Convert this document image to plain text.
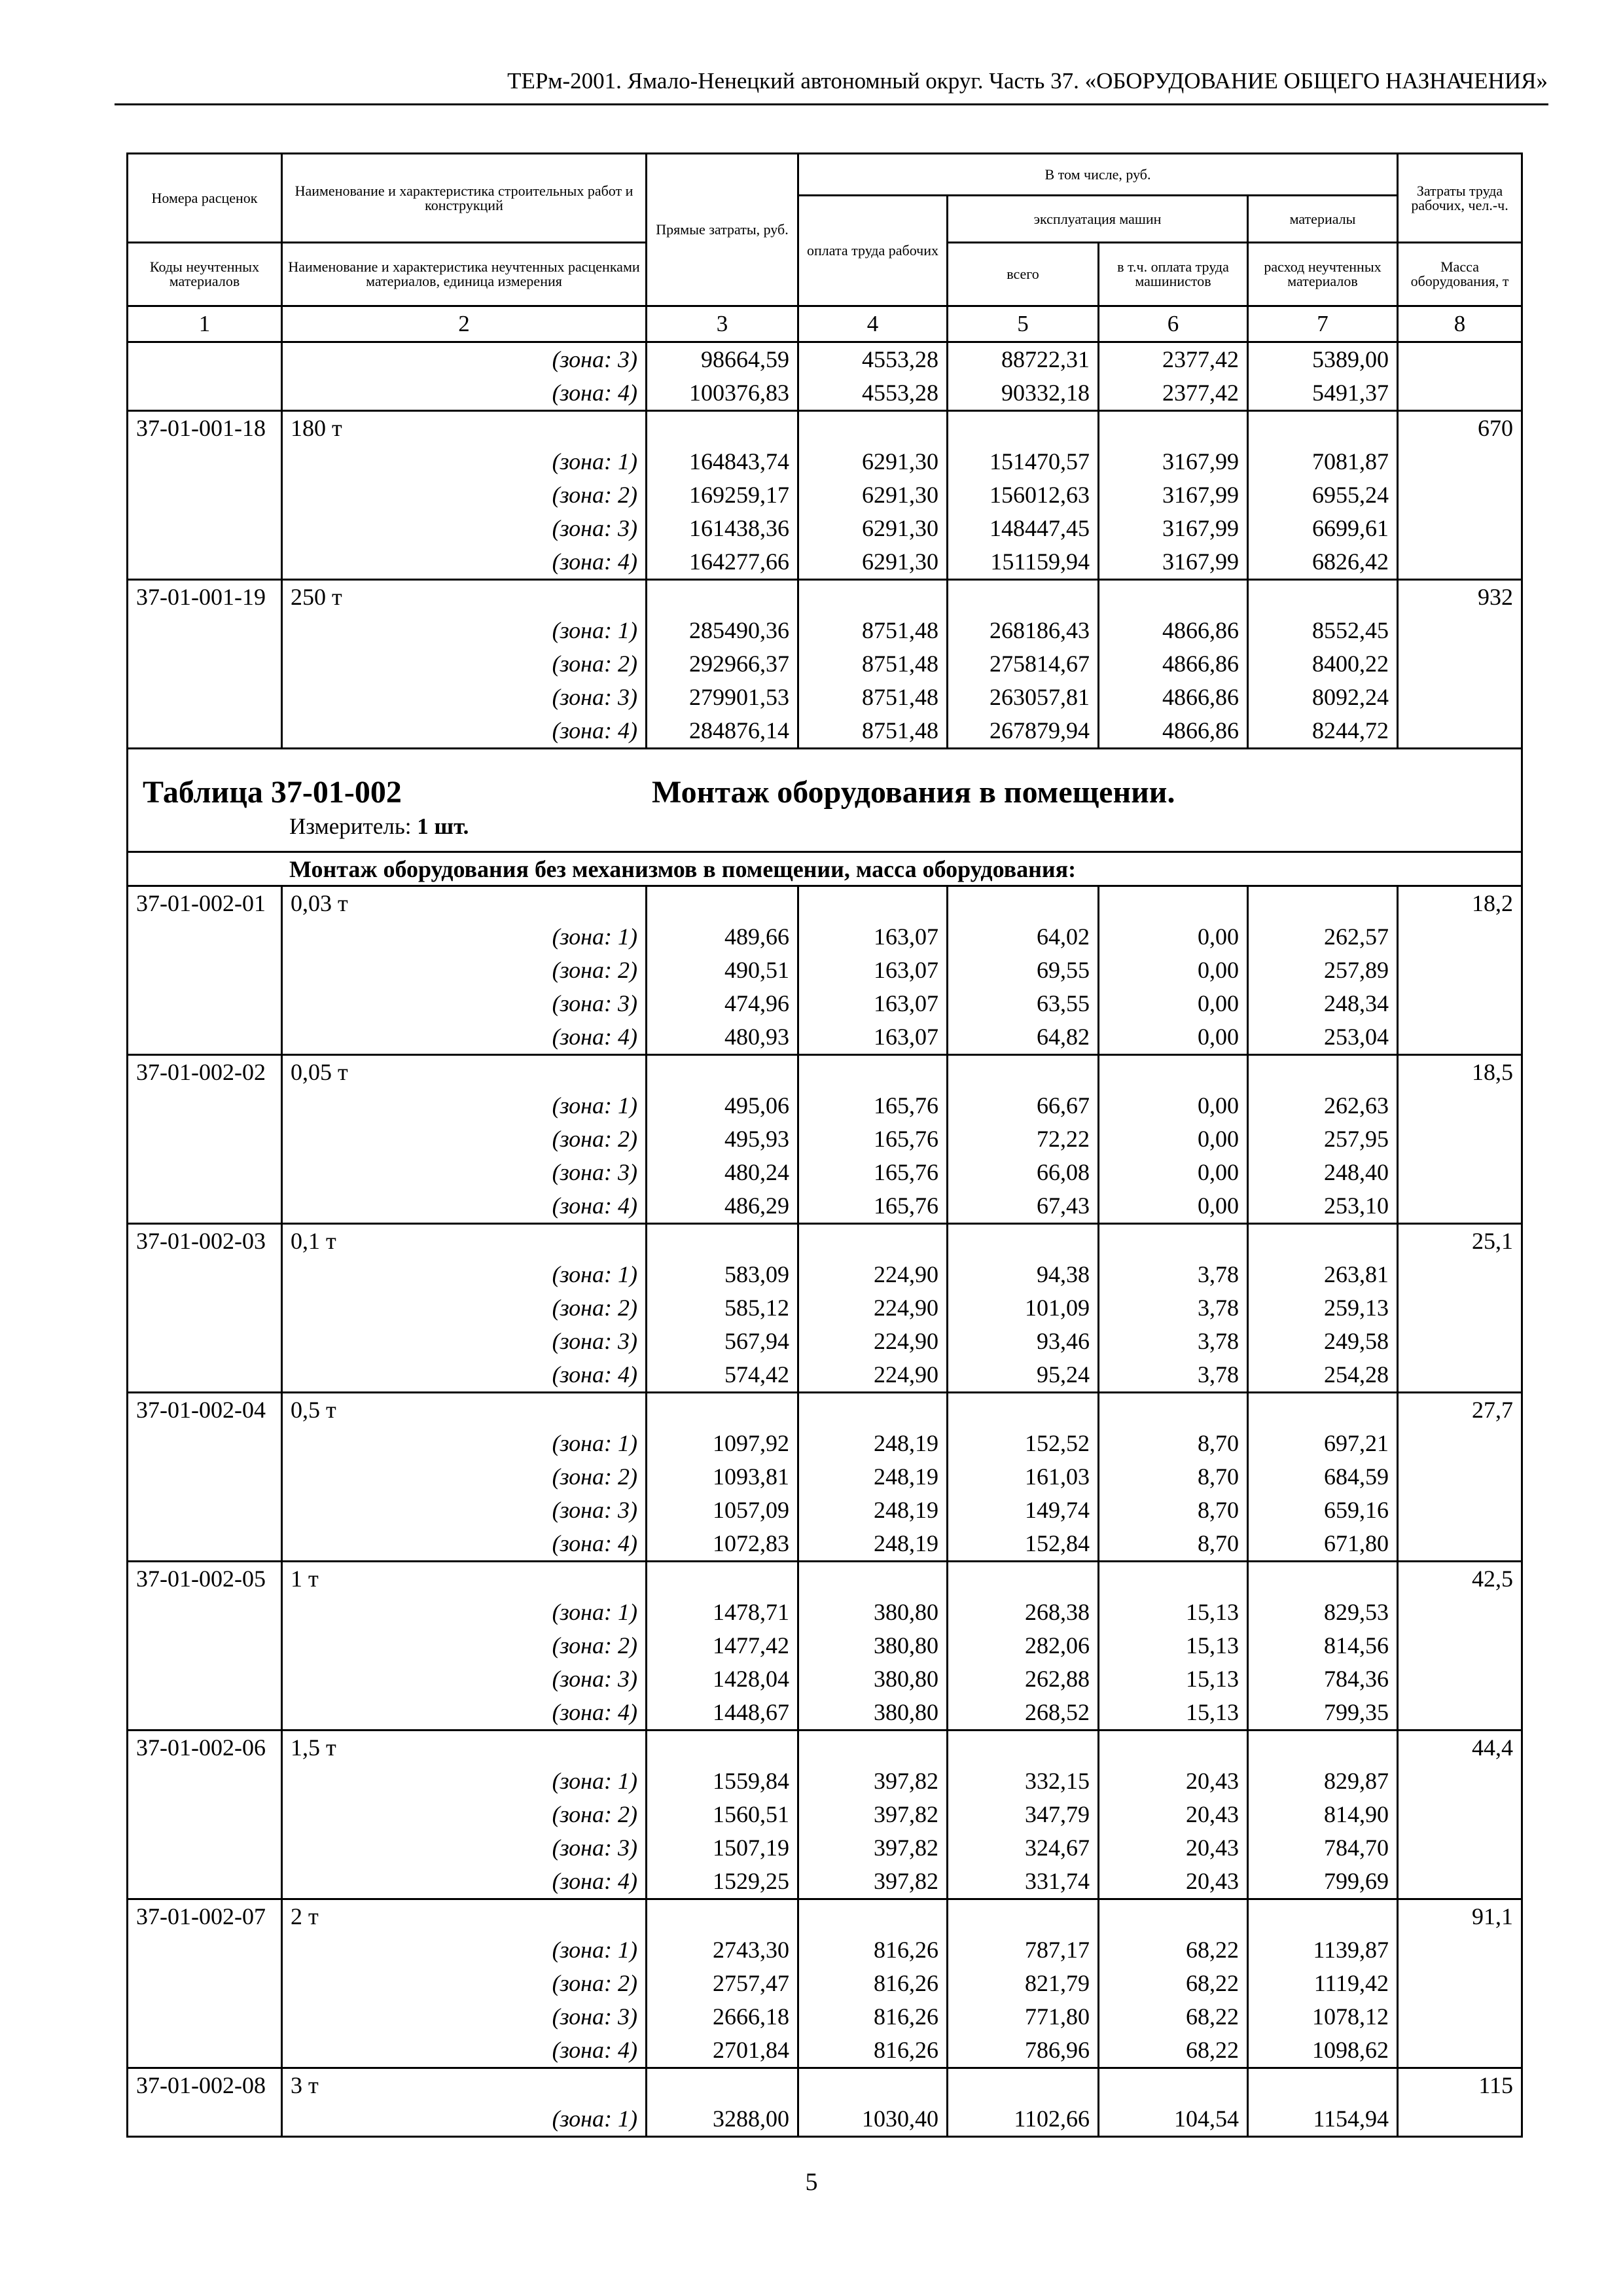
ТЕРм-2001. Ямало-Ненецкий автономный округ. Часть 37. «ОБОРУДОВАНИЕ ОБЩЕГО НАЗНАЧЕНИЯ»
Номера расценок	Наименование и характеристика строительных работ и конструкций	Прямые затраты, руб.	В том числе, руб.				Затраты труда рабочих, чел.-ч.
			оплата труда рабочих	эксплуатация машин		материалы	
Коды неучтенных материалов	Наименование и характеристика неучтенных расценками материалов, единица измерения			всего	в т.ч. оплата труда машинистов	расход неучтенных материалов	Масса оборудования, т
1	2	3	4	5	6	7	8
	(зона: 3)	98664,59	4553,28	88722,31	2377,42	5389,00	
	(зона: 4)	100376,83	4553,28	90332,18	2377,42	5491,37	
37-01-001-18	180 т						670
	(зона: 1)	164843,74	6291,30	151470,57	3167,99	7081,87	
	(зона: 2)	169259,17	6291,30	156012,63	3167,99	6955,24	
	(зона: 3)	161438,36	6291,30	148447,45	3167,99	6699,61	
	(зона: 4)	164277,66	6291,30	151159,94	3167,99	6826,42	
37-01-001-19	250 т						932
	(зона: 1)	285490,36	8751,48	268186,43	4866,86	8552,45	
	(зона: 2)	292966,37	8751,48	275814,67	4866,86	8400,22	
	(зона: 3)	279901,53	8751,48	263057,81	4866,86	8092,24	
	(зона: 4)	284876,14	8751,48	267879,94	4866,86	8244,72	

Таблица 37-01-002 Монтаж оборудования в помещении.
Измеритель: 1 шт.							

Монтаж оборудования без механизмов в помещении, масса оборудования:							
37-01-002-01	0,03 т						18,2
	(зона: 1)	489,66	163,07	64,02	0,00	262,57	
	(зона: 2)	490,51	163,07	69,55	0,00	257,89	
	(зона: 3)	474,96	163,07	63,55	0,00	248,34	
	(зона: 4)	480,93	163,07	64,82	0,00	253,04	
37-01-002-02	0,05 т						18,5
	(зона: 1)	495,06	165,76	66,67	0,00	262,63	
	(зона: 2)	495,93	165,76	72,22	0,00	257,95	
	(зона: 3)	480,24	165,76	66,08	0,00	248,40	
	(зона: 4)	486,29	165,76	67,43	0,00	253,10	
37-01-002-03	0,1 т						25,1
	(зона: 1)	583,09	224,90	94,38	3,78	263,81	
	(зона: 2)	585,12	224,90	101,09	3,78	259,13	
	(зона: 3)	567,94	224,90	93,46	3,78	249,58	
	(зона: 4)	574,42	224,90	95,24	3,78	254,28	
37-01-002-04	0,5 т						27,7
	(зона: 1)	1097,92	248,19	152,52	8,70	697,21	
	(зона: 2)	1093,81	248,19	161,03	8,70	684,59	
	(зона: 3)	1057,09	248,19	149,74	8,70	659,16	
	(зона: 4)	1072,83	248,19	152,84	8,70	671,80	
37-01-002-05	1 т						42,5
	(зона: 1)	1478,71	380,80	268,38	15,13	829,53	
	(зона: 2)	1477,42	380,80	282,06	15,13	814,56	
	(зона: 3)	1428,04	380,80	262,88	15,13	784,36	
	(зона: 4)	1448,67	380,80	268,52	15,13	799,35	
37-01-002-06	1,5 т						44,4
	(зона: 1)	1559,84	397,82	332,15	20,43	829,87	
	(зона: 2)	1560,51	397,82	347,79	20,43	814,90	
	(зона: 3)	1507,19	397,82	324,67	20,43	784,70	
	(зона: 4)	1529,25	397,82	331,74	20,43	799,69	
37-01-002-07	2 т						91,1
	(зона: 1)	2743,30	816,26	787,17	68,22	1139,87	
	(зона: 2)	2757,47	816,26	821,79	68,22	1119,42	
	(зона: 3)	2666,18	816,26	771,80	68,22	1078,12	
	(зона: 4)	2701,84	816,26	786,96	68,22	1098,62	
37-01-002-08	3 т						115
	(зона: 1)	3288,00	1030,40	1102,66	104,54	1154,94	
5
